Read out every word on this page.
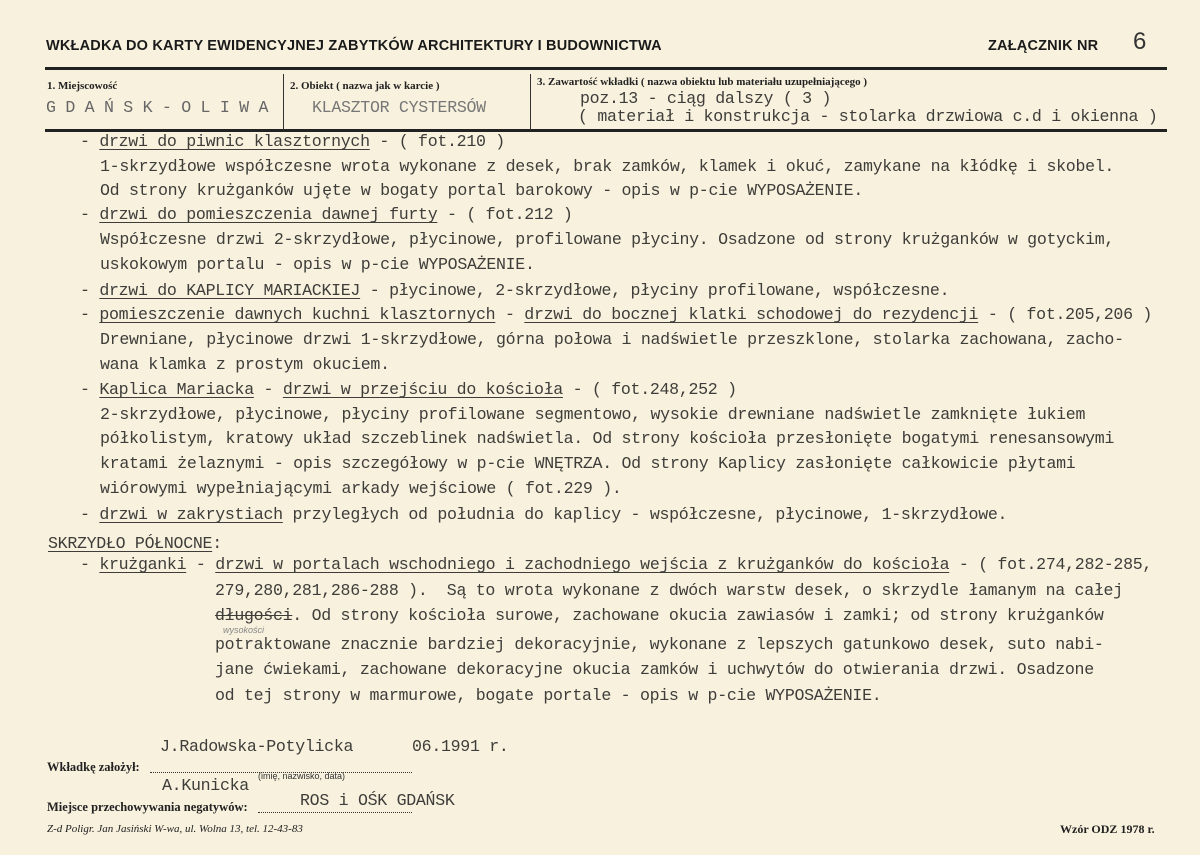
WKŁADKA DO KARTY EWIDENCYJNEJ ZABYTKÓW ARCHITEKTURY I BUDOWNICTWA	ZAŁĄCZNIK NR 6
1. Miejscowość
G D A Ń S K - O L I W A
2. Obiekt ( nazwa jak w karcie )
KLASZTOR CYSTERSÓW
3. Zawartość wkładki ( nazwa obiektu lub materiału uzupełniającego )
poz.13 - ciąg dalszy ( 3 )
( materiał i konstrukcja - stolarka drzwiowa c.d i okienna )
- drzwi do piwnic klasztornych - ( fot.210 )
1-skrzydłowe współczesne wrota wykonane z desek, brak zamków, klamek i okuć, zamykane na kłódkę i skobel.
Od strony krużganków ujęte w bogaty portal barokowy - opis w p-cie WYPOSAŻENIE.
- drzwi do pomieszczenia dawnej furty - ( fot.212 )
Współczesne drzwi 2-skrzydłowe, płycinowe, profilowane płyciny. Osadzone od strony krużganków w gotyckim,
uskokowym portalu - opis w p-cie WYPOSAŻENIE.
- drzwi do KAPLICY MARIACKIEJ - płycinowe, 2-skrzydłowe, płyciny profilowane, współczesne.
- pomieszczenie dawnych kuchni klasztornych - drzwi do bocznej klatki schodowej do rezydencji - ( fot.205,206 )
Drewniane, płycinowe drzwi 1-skrzydłowe, górna połowa i nadświetle przeszklone, stolarka zachowana, zacho-
wana klamka z prostym okuciem.
- Kaplica Mariacka - drzwi w przejściu do kościoła - ( fot.248,252 )
2-skrzydłowe, płycinowe, płyciny profilowane segmentowo, wysokie drewniane nadświetle zamknięte łukiem
półkolistym, kratowy układ szczeblinek nadświetla. Od strony kościoła przesłonięte bogatymi renesansowymi
kratami żelaznymi - opis szczegółowy w p-cie WNĘTRZA. Od strony Kaplicy zasłonięte całkowicie płytami
wiórowymi wypełniającymi arkady wejściowe ( fot.229 ).
- drzwi w zakrystiach przyległych od południa do kaplicy - współczesne, płycinowe, 1-skrzydłowe.
SKRZYDŁO PÓŁNOCNE:
- krużganki - drzwi w portalach wschodniego i zachodniego wejścia z krużganków do kościoła - ( fot.274,282-285,
279,280,281,286-288 ).  Są to wrota wykonane z dwóch warstw desek, o skrzydle łamanym na całej
długości. Od strony kościoła surowe, zachowane okucia zawiasów i zamki; od strony krużganków
potraktowane znacznie bardziej dekoracyjnie, wykonane z lepszych gatunkowo desek, suto nabi-
jane ćwiekami, zachowane dekoracyjne okucia zamków i uchwytów do otwierania drzwi. Osadzone
od tej strony w marmurowe, bogate portale - opis w p-cie WYPOSAŻENIE.
wysokości
J.Radowska-Potylicka	06.1991 r.
Wkładkę założył:
A.Kunicka (imię, nazwisko, data)
Miejsce przechowywania negatywów:	ROS i OŚK GDAŃSK
Z-d Poligr. Jan Jasiński W-wa, ul. Wolna 13, tel. 12-43-83	Wzór ODZ 1978 r.
